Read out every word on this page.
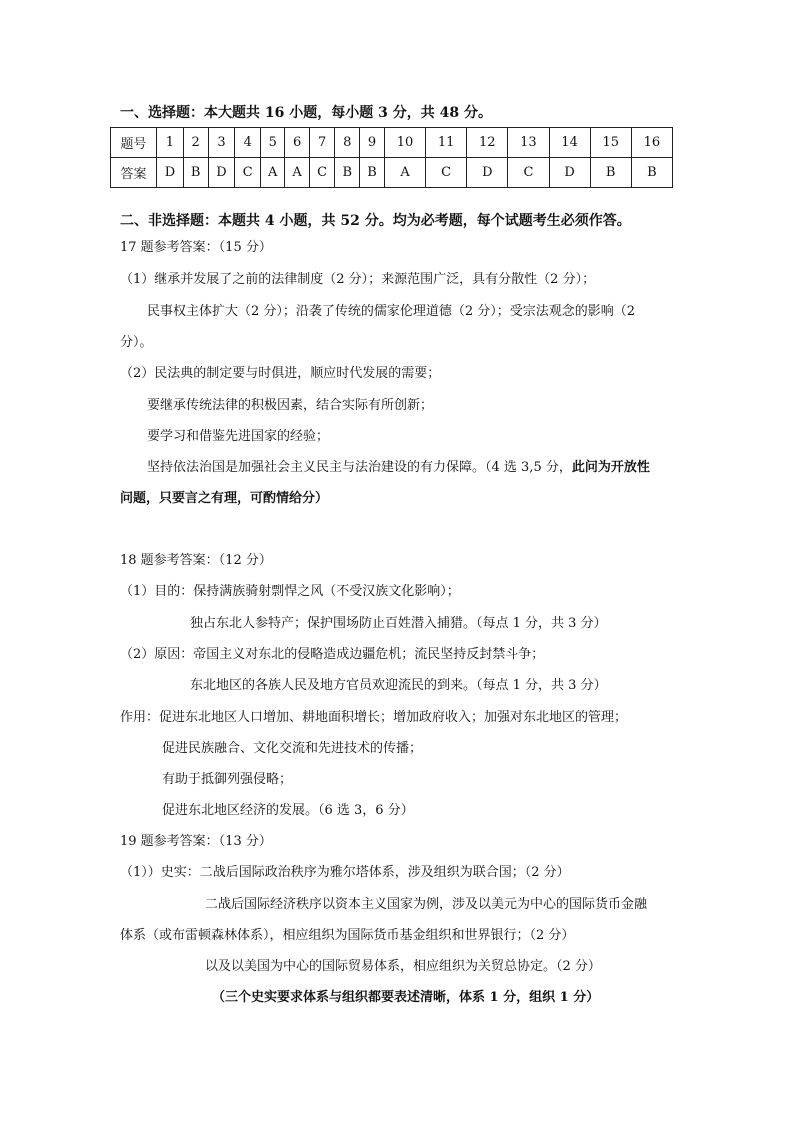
一、选择题：本大题共 16 小题，每小题 3 分，共 48 分。
题号	1	2	3	4	5	6	7	8	9	10	11	12	13	14	15	16
答案	D	B	D	C	A	A	C	B	B	A	C	D	C	D	B	B
二、非选择题：本题共 4 小题，共 52 分。均为必考题，每个试题考生必须作答。
17 题参考答案：（15 分）
（1）继承并发展了之前的法律制度（2 分）；来源范围广泛，具有分散性（2 分）；
民事权主体扩大（2 分）；沿袭了传统的儒家伦理道德（2 分）；受宗法观念的影响（2
分）。
（2）民法典的制定要与时俱进，顺应时代发展的需要；
要继承传统法律的积极因素，结合实际有所创新；
要学习和借鉴先进国家的经验；
坚持依法治国是加强社会主义民主与法治建设的有力保障。（4 选 3,5 分，此问为开放性
问题，只要言之有理，可酌情给分）
18 题参考答案：（12 分）
（1）目的：保持满族骑射剽悍之风（不受汉族文化影响）；
独占东北人参特产；保护围场防止百姓潜入捕猎。（每点 1 分，共 3 分）
（2）原因：帝国主义对东北的侵略造成边疆危机；流民坚持反封禁斗争；
东北地区的各族人民及地方官员欢迎流民的到来。（每点 1 分，共 3 分）
作用：促进东北地区人口增加、耕地面积增长；增加政府收入；加强对东北地区的管理；
促进民族融合、文化交流和先进技术的传播；
有助于抵御列强侵略；
促进东北地区经济的发展。（6 选 3，6 分）
19 题参考答案：（13 分）
（1））史实：二战后国际政治秩序为雅尔塔体系，涉及组织为联合国；（2 分）
二战后国际经济秩序以资本主义国家为例，涉及以美元为中心的国际货币金融
体系（或布雷顿森林体系），相应组织为国际货币基金组织和世界银行；（2 分）
以及以美国为中心的国际贸易体系，相应组织为关贸总协定。（2 分）
（三个史实要求体系与组织都要表述清晰，体系 1 分，组织 1 分）
